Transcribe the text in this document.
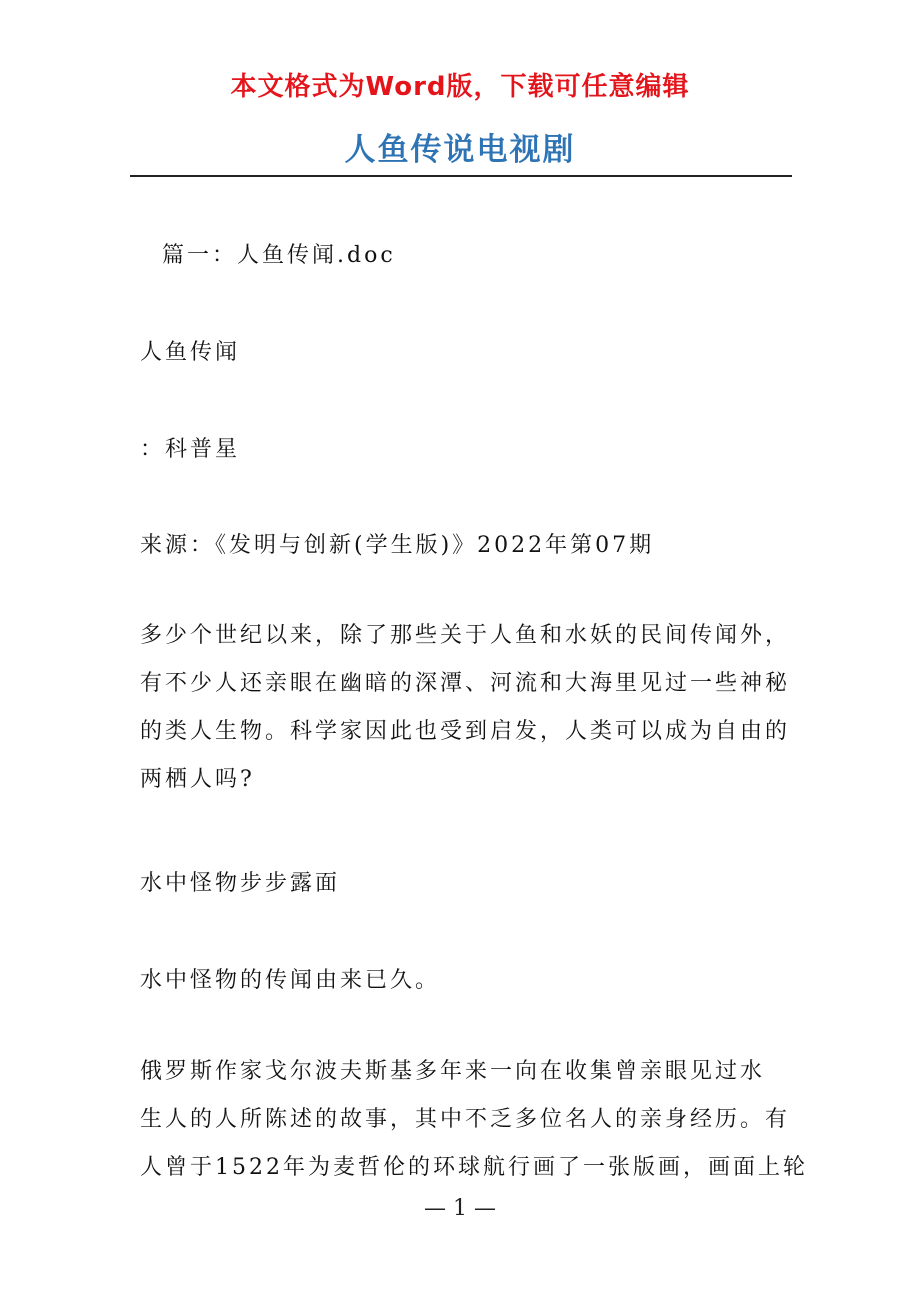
本文格式为Word版，下载可任意编辑
人鱼传说电视剧
篇一：人鱼传闻.doc
人鱼传闻
：科普星
来源：《发明与创新(学生版)》2022年第07期

多少个世纪以来，除了那些关于人鱼和水妖的民间传闻外，

有不少人还亲眼在幽暗的深潭、河流和大海里见过一些神秘

的类人生物。科学家因此也受到启发，人类可以成为自由的

两栖人吗?

水中怪物步步露面
水中怪物的传闻由来已久。

俄罗斯作家戈尔波夫斯基多年来一向在收集曾亲眼见过水

生人的人所陈述的故事，其中不乏多位名人的亲身经历。有

人曾于1522年为麦哲伦的环球航行画了一张版画，画面上轮

— 1 —
